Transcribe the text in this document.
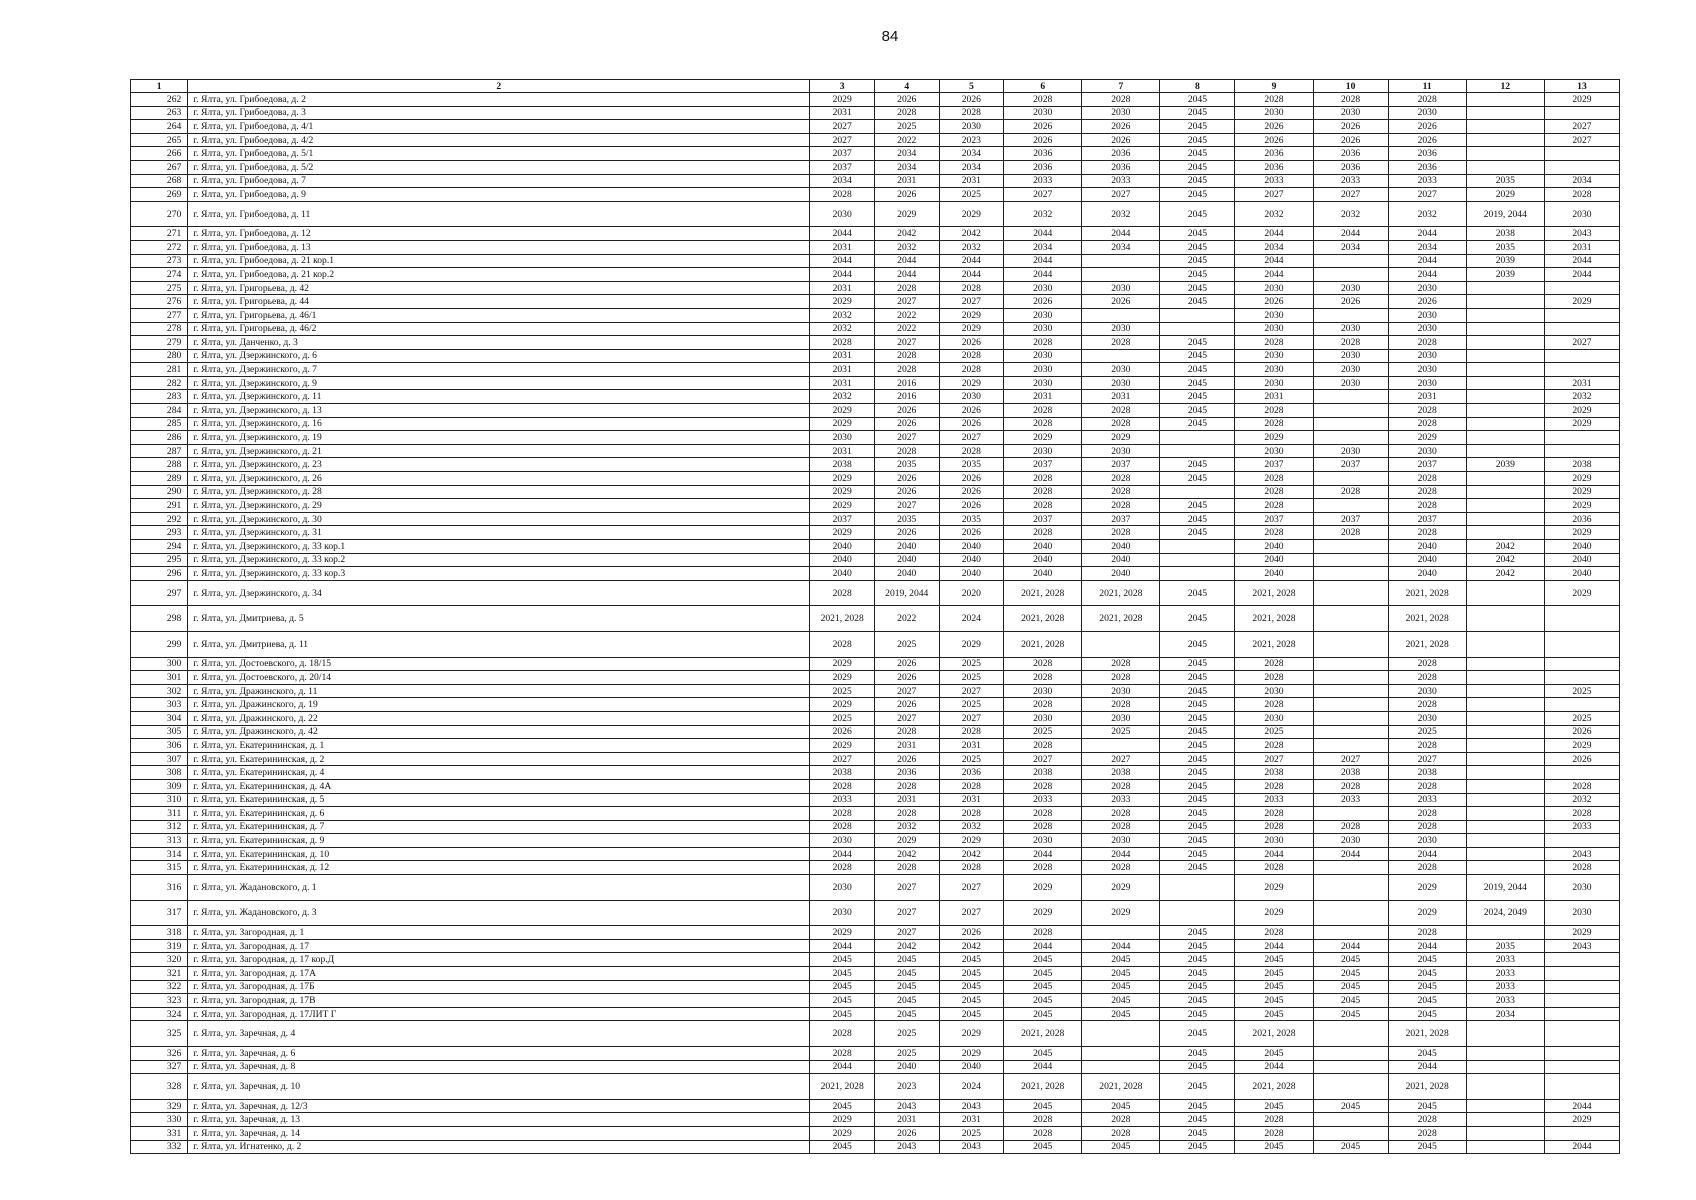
84
1	2	3	4	5	6	7	8	9	10	11	12	13
262	г. Ялта, ул. Грибоедова, д. 2	2029	2026	2026	2028	2028	2045	2028	2028	2028		2029
263	г. Ялта, ул. Грибоедова, д. 3	2031	2028	2028	2030	2030	2045	2030	2030	2030		
264	г. Ялта, ул. Грибоедова, д. 4/1	2027	2025	2030	2026	2026	2045	2026	2026	2026		2027
265	г. Ялта, ул. Грибоедова, д. 4/2	2027	2022	2023	2026	2026	2045	2026	2026	2026		2027
266	г. Ялта, ул. Грибоедова, д. 5/1	2037	2034	2034	2036	2036	2045	2036	2036	2036		
267	г. Ялта, ул. Грибоедова, д. 5/2	2037	2034	2034	2036	2036	2045	2036	2036	2036		
268	г. Ялта, ул. Грибоедова, д. 7	2034	2031	2031	2033	2033	2045	2033	2033	2033	2035	2034
269	г. Ялта, ул. Грибоедова, д. 9	2028	2026	2025	2027	2027	2045	2027	2027	2027	2029	2028
270	г. Ялта, ул. Грибоедова, д. 11	2030	2029	2029	2032	2032	2045	2032	2032	2032	2019, 2044	2030
271	г. Ялта, ул. Грибоедова, д. 12	2044	2042	2042	2044	2044	2045	2044	2044	2044	2038	2043
272	г. Ялта, ул. Грибоедова, д. 13	2031	2032	2032	2034	2034	2045	2034	2034	2034	2035	2031
273	г. Ялта, ул. Грибоедова, д. 21 кор.1	2044	2044	2044	2044		2045	2044		2044	2039	2044
274	г. Ялта, ул. Грибоедова, д. 21 кор.2	2044	2044	2044	2044		2045	2044		2044	2039	2044
275	г. Ялта, ул. Григорьева, д. 42	2031	2028	2028	2030	2030	2045	2030	2030	2030		
276	г. Ялта, ул. Григорьева, д. 44	2029	2027	2027	2026	2026	2045	2026	2026	2026		2029
277	г. Ялта, ул. Григорьева, д. 46/1	2032	2022	2029	2030			2030		2030		
278	г. Ялта, ул. Григорьева, д. 46/2	2032	2022	2029	2030	2030		2030	2030	2030		
279	г. Ялта, ул. Данченко, д. 3	2028	2027	2026	2028	2028	2045	2028	2028	2028		2027
280	г. Ялта, ул. Дзержинского, д. 6	2031	2028	2028	2030		2045	2030	2030	2030		
281	г. Ялта, ул. Дзержинского, д. 7	2031	2028	2028	2030	2030	2045	2030	2030	2030		
282	г. Ялта, ул. Дзержинского, д. 9	2031	2016	2029	2030	2030	2045	2030	2030	2030		2031
283	г. Ялта, ул. Дзержинского, д. 11	2032	2016	2030	2031	2031	2045	2031		2031		2032
284	г. Ялта, ул. Дзержинского, д. 13	2029	2026	2026	2028	2028	2045	2028		2028		2029
285	г. Ялта, ул. Дзержинского, д. 16	2029	2026	2026	2028	2028	2045	2028		2028		2029
286	г. Ялта, ул. Дзержинского, д. 19	2030	2027	2027	2029	2029		2029		2029		
287	г. Ялта, ул. Дзержинского, д. 21	2031	2028	2028	2030	2030		2030	2030	2030		
288	г. Ялта, ул. Дзержинского, д. 23	2038	2035	2035	2037	2037	2045	2037	2037	2037	2039	2038
289	г. Ялта, ул. Дзержинского, д. 26	2029	2026	2026	2028	2028	2045	2028		2028		2029
290	г. Ялта, ул. Дзержинского, д. 28	2029	2026	2026	2028	2028		2028	2028	2028		2029
291	г. Ялта, ул. Дзержинского, д. 29	2029	2027	2026	2028	2028	2045	2028		2028		2029
292	г. Ялта, ул. Дзержинского, д. 30	2037	2035	2035	2037	2037	2045	2037	2037	2037		2036
293	г. Ялта, ул. Дзержинского, д. 31	2029	2026	2026	2028	2028	2045	2028	2028	2028		2029
294	г. Ялта, ул. Дзержинского, д. 33 кор.1	2040	2040	2040	2040	2040		2040		2040	2042	2040
295	г. Ялта, ул. Дзержинского, д. 33 кор.2	2040	2040	2040	2040	2040		2040		2040	2042	2040
296	г. Ялта, ул. Дзержинского, д. 33 кор.3	2040	2040	2040	2040	2040		2040		2040	2042	2040
297	г. Ялта, ул. Дзержинского, д. 34	2028	2019, 2044	2020	2021, 2028	2021, 2028	2045	2021, 2028		2021, 2028		2029
298	г. Ялта, ул. Дмитриева, д. 5	2021, 2028	2022	2024	2021, 2028	2021, 2028	2045	2021, 2028		2021, 2028		
299	г. Ялта, ул. Дмитриева, д. 11	2028	2025	2029	2021, 2028		2045	2021, 2028		2021, 2028		
300	г. Ялта, ул. Достоевского, д. 18/15	2029	2026	2025	2028	2028	2045	2028		2028		
301	г. Ялта, ул. Достоевского, д. 20/14	2029	2026	2025	2028	2028	2045	2028		2028		
302	г. Ялта, ул. Дражинского, д. 11	2025	2027	2027	2030	2030	2045	2030		2030		2025
303	г. Ялта, ул. Дражинского, д. 19	2029	2026	2025	2028	2028	2045	2028		2028		
304	г. Ялта, ул. Дражинского, д. 22	2025	2027	2027	2030	2030	2045	2030		2030		2025
305	г. Ялта, ул. Дражинского, д. 42	2026	2028	2028	2025	2025	2045	2025		2025		2026
306	г. Ялта, ул. Екатерининская, д. 1	2029	2031	2031	2028		2045	2028		2028		2029
307	г. Ялта, ул. Екатерининская, д. 2	2027	2026	2025	2027	2027	2045	2027	2027	2027		2026
308	г. Ялта, ул. Екатерининская, д. 4	2038	2036	2036	2038	2038	2045	2038	2038	2038		
309	г. Ялта, ул. Екатерининская, д. 4А	2028	2028	2028	2028	2028	2045	2028	2028	2028		2028
310	г. Ялта, ул. Екатерининская, д. 5	2033	2031	2031	2033	2033	2045	2033	2033	2033		2032
311	г. Ялта, ул. Екатерининская, д. 6	2028	2028	2028	2028	2028	2045	2028		2028		2028
312	г. Ялта, ул. Екатерининская, д. 7	2028	2032	2032	2028	2028	2045	2028	2028	2028		2033
313	г. Ялта, ул. Екатерининская, д. 9	2030	2029	2029	2030	2030	2045	2030	2030	2030		
314	г. Ялта, ул. Екатерининская, д. 10	2044	2042	2042	2044	2044	2045	2044	2044	2044		2043
315	г. Ялта, ул. Екатерининская, д. 12	2028	2028	2028	2028	2028	2045	2028		2028		2028
316	г. Ялта, ул. Жадановского, д. 1	2030	2027	2027	2029	2029		2029		2029	2019, 2044	2030
317	г. Ялта, ул. Жадановского, д. 3	2030	2027	2027	2029	2029		2029		2029	2024, 2049	2030
318	г. Ялта, ул. Загородная, д. 1	2029	2027	2026	2028		2045	2028		2028		2029
319	г. Ялта, ул. Загородная, д. 17	2044	2042	2042	2044	2044	2045	2044	2044	2044	2035	2043
320	г. Ялта, ул. Загородная, д. 17 кор.Д	2045	2045	2045	2045	2045	2045	2045	2045	2045	2033	
321	г. Ялта, ул. Загородная, д. 17А	2045	2045	2045	2045	2045	2045	2045	2045	2045	2033	
322	г. Ялта, ул. Загородная, д. 17Б	2045	2045	2045	2045	2045	2045	2045	2045	2045	2033	
323	г. Ялта, ул. Загородная, д. 17В	2045	2045	2045	2045	2045	2045	2045	2045	2045	2033	
324	г. Ялта, ул. Загородная, д. 17ЛИТ Г	2045	2045	2045	2045	2045	2045	2045	2045	2045	2034	
325	г. Ялта, ул. Заречная, д. 4	2028	2025	2029	2021, 2028		2045	2021, 2028		2021, 2028		
326	г. Ялта, ул. Заречная, д. 6	2028	2025	2029	2045		2045	2045		2045		
327	г. Ялта, ул. Заречная, д. 8	2044	2040	2040	2044		2045	2044		2044		
328	г. Ялта, ул. Заречная, д. 10	2021, 2028	2023	2024	2021, 2028	2021, 2028	2045	2021, 2028		2021, 2028		
329	г. Ялта, ул. Заречная, д. 12/3	2045	2043	2043	2045	2045	2045	2045	2045	2045		2044
330	г. Ялта, ул. Заречная, д. 13	2029	2031	2031	2028	2028	2045	2028		2028		2029
331	г. Ялта, ул. Заречная, д. 14	2029	2026	2025	2028	2028	2045	2028		2028		
332	г. Ялта, ул. Игнатенко, д. 2	2045	2043	2043	2045	2045	2045	2045	2045	2045		2044
